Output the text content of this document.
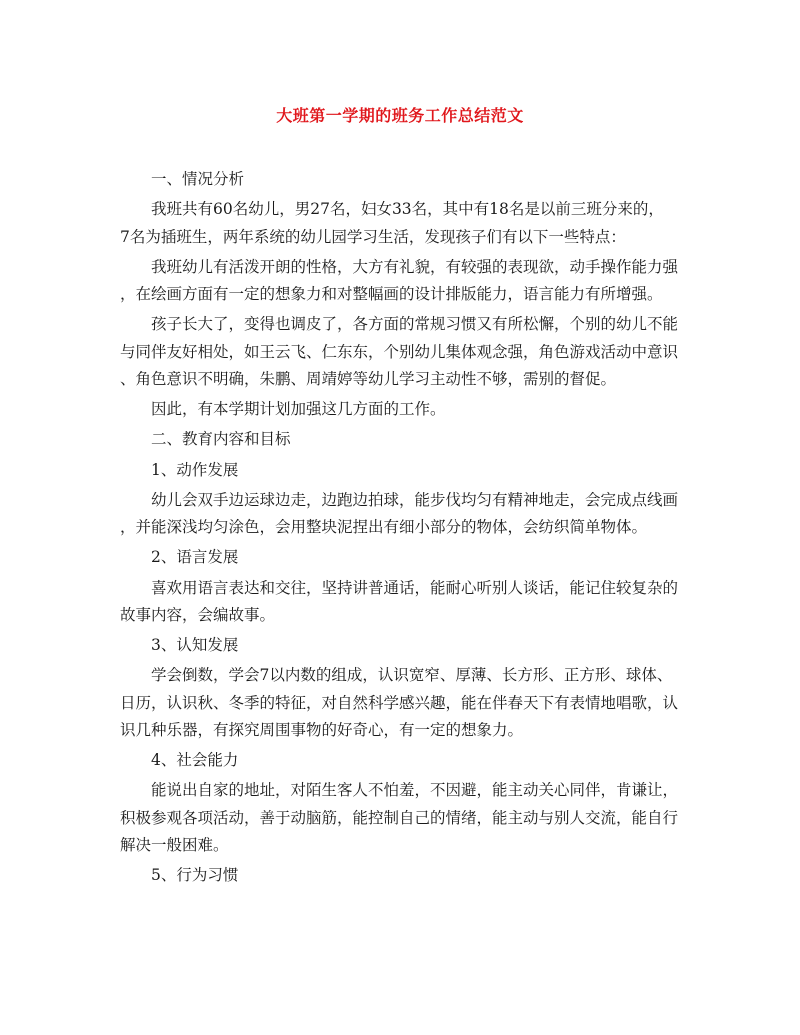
大班第一学期的班务工作总结范文
一、情况分析
我班共有60名幼儿，男27名，妇女33名，其中有18名是以前三班分来的，
7名为插班生，两年系统的幼儿园学习生活，发现孩子们有以下一些特点：
我班幼儿有活泼开朗的性格，大方有礼貌，有较强的表现欲，动手操作能力强
，在绘画方面有一定的想象力和对整幅画的设计排版能力，语言能力有所增强。
孩子长大了，变得也调皮了，各方面的常规习惯又有所松懈，个别的幼儿不能
与同伴友好相处，如王云飞、仁东东，个别幼儿集体观念强，角色游戏活动中意识
、角色意识不明确，朱鹏、周靖婷等幼儿学习主动性不够，需别的督促。
因此，有本学期计划加强这几方面的工作。
二、教育内容和目标
1、动作发展
幼儿会双手边运球边走，边跑边拍球，能步伐均匀有精神地走，会完成点线画
，并能深浅均匀涂色，会用整块泥捏出有细小部分的物体，会纺织简单物体。
2、语言发展
喜欢用语言表达和交往，坚持讲普通话，能耐心听别人谈话，能记住较复杂的
故事内容，会编故事。
3、认知发展
学会倒数，学会7以内数的组成，认识宽窄、厚薄、长方形、正方形、球体、
日历，认识秋、冬季的特征，对自然科学感兴趣，能在伴春天下有表情地唱歌，认
识几种乐器，有探究周围事物的好奇心，有一定的想象力。
4、社会能力
能说出自家的地址，对陌生客人不怕羞，不因避，能主动关心同伴，肯谦让，
积极参观各项活动，善于动脑筋，能控制自己的情绪，能主动与别人交流，能自行
解决一般困难。
5、行为习惯
